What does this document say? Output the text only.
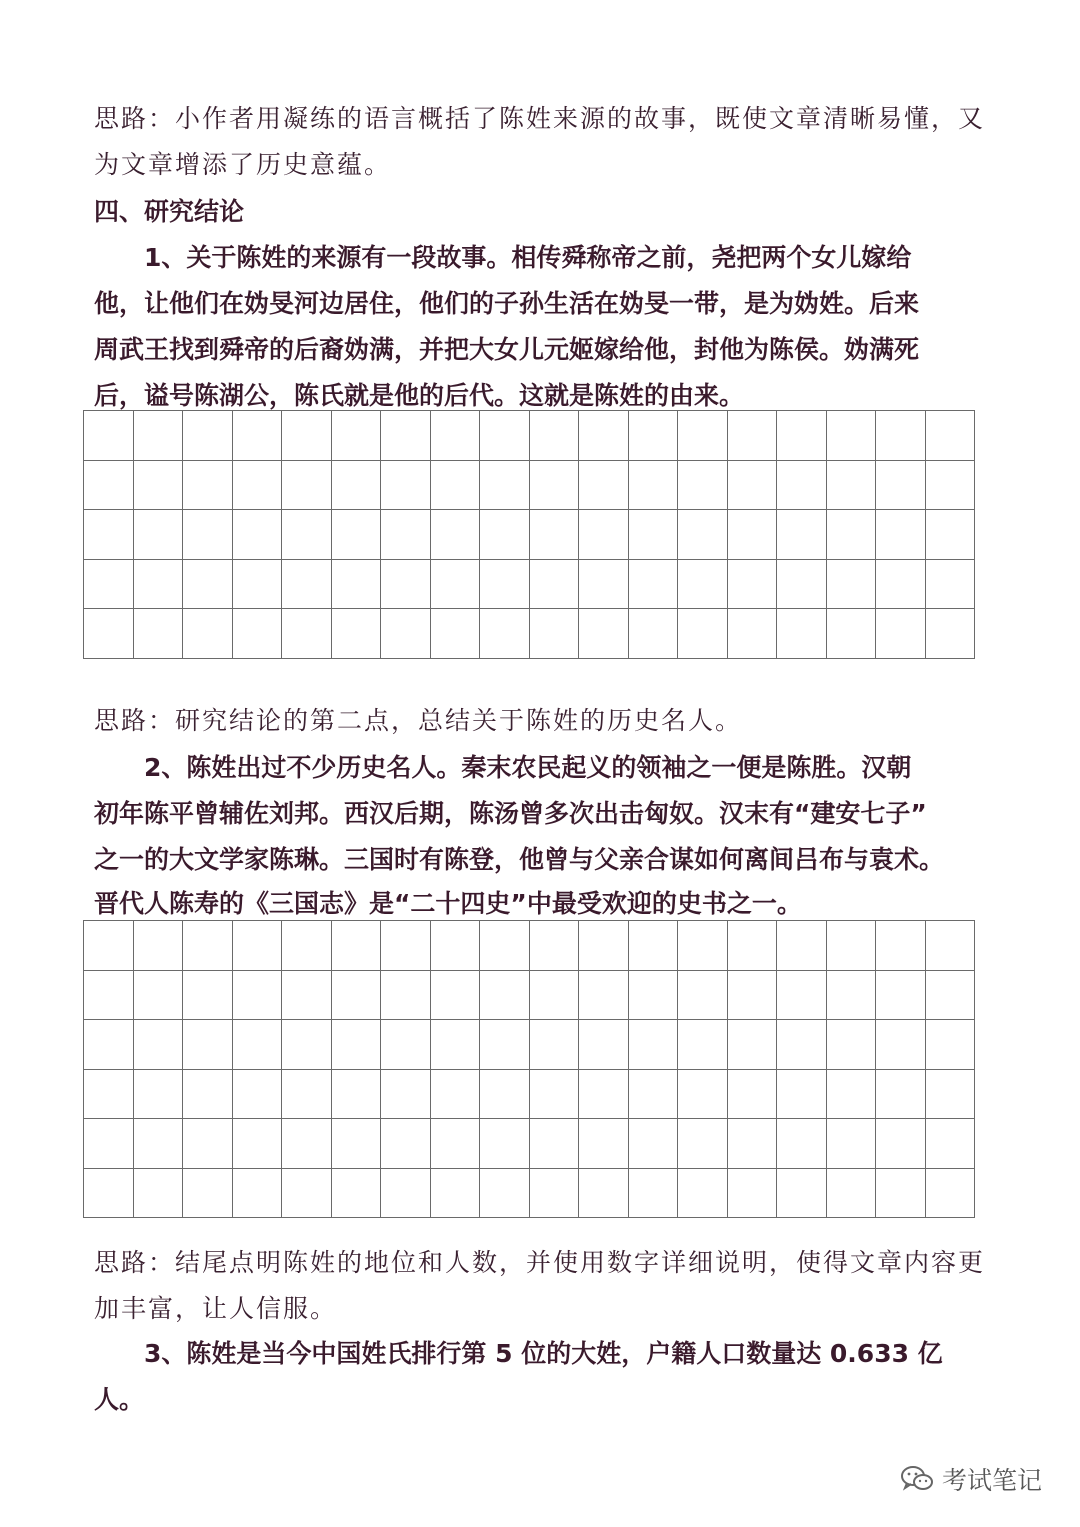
思路：小作者用凝练的语言概括了陈姓来源的故事，既使文章清晰易懂，又
为文章增添了历史意蕴。
四、研究结论
　　1、关于陈姓的来源有一段故事。相传舜称帝之前，尧把两个女儿嫁给
他，让他们在妫旻河边居住，他们的子孙生活在妫旻一带，是为妫姓。后来
周武王找到舜帝的后裔妫满，并把大女儿元姬嫁给他，封他为陈侯。妫满死
后，谥号陈湖公，陈氏就是他的后代。这就是陈姓的由来。
思路：研究结论的第二点，总结关于陈姓的历史名人。
　　2、陈姓出过不少历史名人。秦末农民起义的领袖之一便是陈胜。汉朝
初年陈平曾辅佐刘邦。西汉后期，陈汤曾多次出击匈奴。汉末有“建安七子”
之一的大文学家陈琳。三国时有陈登，他曾与父亲合谋如何离间吕布与袁术。
晋代人陈寿的《三国志》是“二十四史”中最受欢迎的史书之一。
思路：结尾点明陈姓的地位和人数，并使用数字详细说明，使得文章内容更
加丰富，让人信服。
　　3、陈姓是当今中国姓氏排行第 5 位的大姓，户籍人口数量达 0.633 亿
人。
考试笔记
